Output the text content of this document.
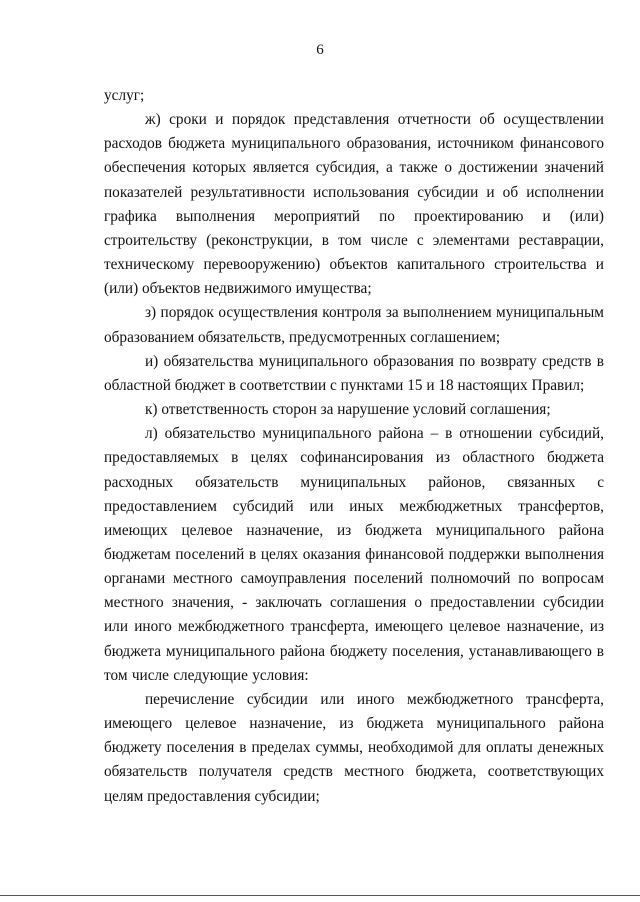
6

услуг;

ж) сроки и порядок представления отчетности об осуществлении расходов бюджета муниципального образования, источником финансового обеспечения которых является субсидия, а также о достижении значений показателей результативности использования субсидии и об исполнении графика выполнения мероприятий по проектированию и (или) строительству (реконструкции, в том числе с элементами реставрации, техническому перевооружению) объектов капитального строительства и (или) объектов недвижимого имущества;

з) порядок осуществления контроля за выполнением муниципальным образованием обязательств, предусмотренных соглашением;

и) обязательства муниципального образования по возврату средств в областной бюджет в соответствии с пунктами 15 и 18 настоящих Правил;

к) ответственность сторон за нарушение условий соглашения;

л) обязательство муниципального района – в отношении субсидий, предоставляемых в целях софинансирования из областного бюджета расходных обязательств муниципальных районов, связанных с предоставлением субсидий или иных межбюджетных трансфертов, имеющих целевое назначение, из бюджета муниципального района бюджетам поселений в целях оказания финансовой поддержки выполнения органами местного самоуправления поселений полномочий по вопросам местного значения, - заключать соглашения о предоставлении субсидии или иного межбюджетного трансферта, имеющего целевое назначение, из бюджета муниципального района бюджету поселения, устанавливающего в том числе следующие условия:

перечисление субсидии или иного межбюджетного трансферта, имеющего целевое назначение, из бюджета муниципального района бюджету поселения в пределах суммы, необходимой для оплаты денежных обязательств получателя средств местного бюджета, соответствующих целям предоставления субсидии;
